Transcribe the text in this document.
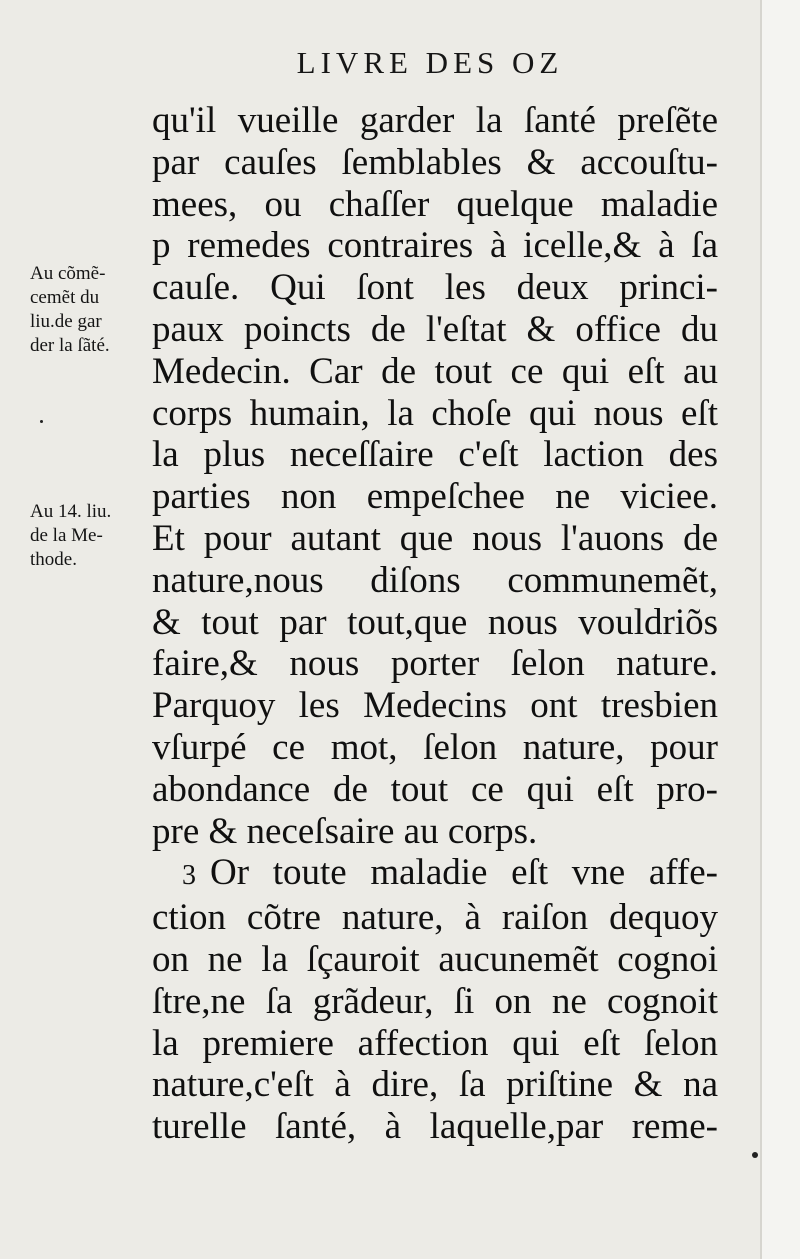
LIVRE DES OZ
Au cõmẽ-
cemẽt du
liu.de gar
der la ſãté.
Au 14. liu.
de la Me-
thode.
qu'il vueille garder la ſanté preſẽte
par cauſes ſemblables & accouſtu-
mees, ou chaſſer quelque maladie
p remedes contraires à icelle,& à ſa
cauſe. Qui ſont les deux princi-
paux poincts de l'eſtat & office du
Medecin. Car de tout ce qui eſt au
corps humain, la choſe qui nous eſt
la plus neceſſaire c'eſt laction des
parties non empeſchee ne viciee.
Et pour autant que nous l'auons de
nature,nous diſons communemẽt,
& tout par tout,que nous vouldriõs
faire,& nous porter ſelon nature.
Parquoy les Medecins ont tresbien
vſurpé ce mot, ſelon nature, pour
abondance de tout ce qui eſt pro-
pre & neceſsaire au corps.
3 Or toute maladie eſt vne affe-
ction cõtre nature, à raiſon dequoy
on ne la ſçauroit aucunemẽt cognoi
ſtre,ne ſa grãdeur, ſi on ne cognoit
la premiere affection qui eſt ſelon
nature,c'eſt à dire, ſa priſtine & na
turelle ſanté, à laquelle,par reme-
